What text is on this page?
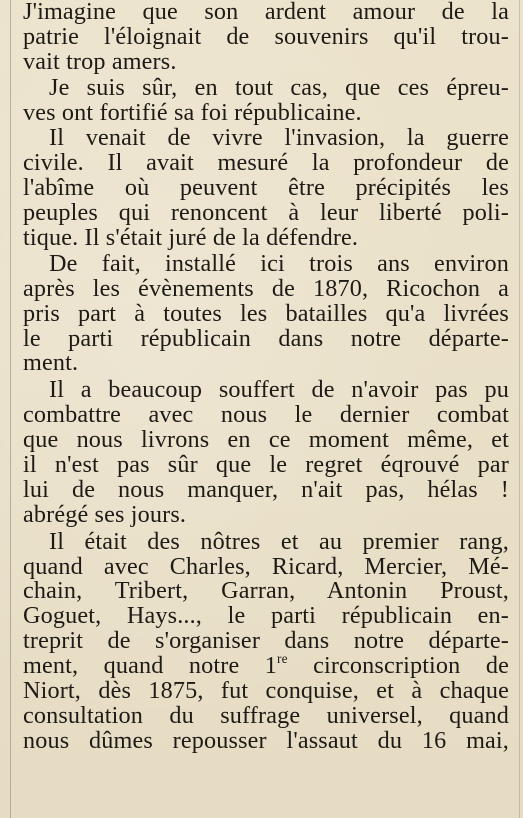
J'imagine que son ardent amour de la
patrie l'éloignait de souvenirs qu'il trou-
vait trop amers.

Je suis sûr, en tout cas, que ces épreu-
ves ont fortifié sa foi républicaine.

Il venait de vivre l'invasion, la guerre
civile. Il avait mesuré la profondeur de
l'abîme où peuvent être précipités les
peuples qui renoncent à leur liberté poli-
tique. Il s'était juré de la défendre.

De fait, installé ici trois ans environ
après les évènements de 1870, Ricochon a
pris part à toutes les batailles qu'a livrées
le parti républicain dans notre départe-
ment.

Il a beaucoup souffert de n'avoir pas pu
combattre avec nous le dernier combat
que nous livrons en ce moment même, et
il n'est pas sûr que le regret éqrouvé par
lui de nous manquer, n'ait pas, hélas !
abrégé ses jours.

Il était des nôtres et au premier rang,
quand avec Charles, Ricard, Mercier, Mé-
chain, Tribert, Garran, Antonin Proust,
Goguet, Hays..., le parti républicain en-
treprit de s'organiser dans notre départe-
ment, quand notre 1re circonscription de
Niort, dès 1875, fut conquise, et à chaque
consultation du suffrage universel, quand
nous dûmes repousser l'assaut du 16 mai,
